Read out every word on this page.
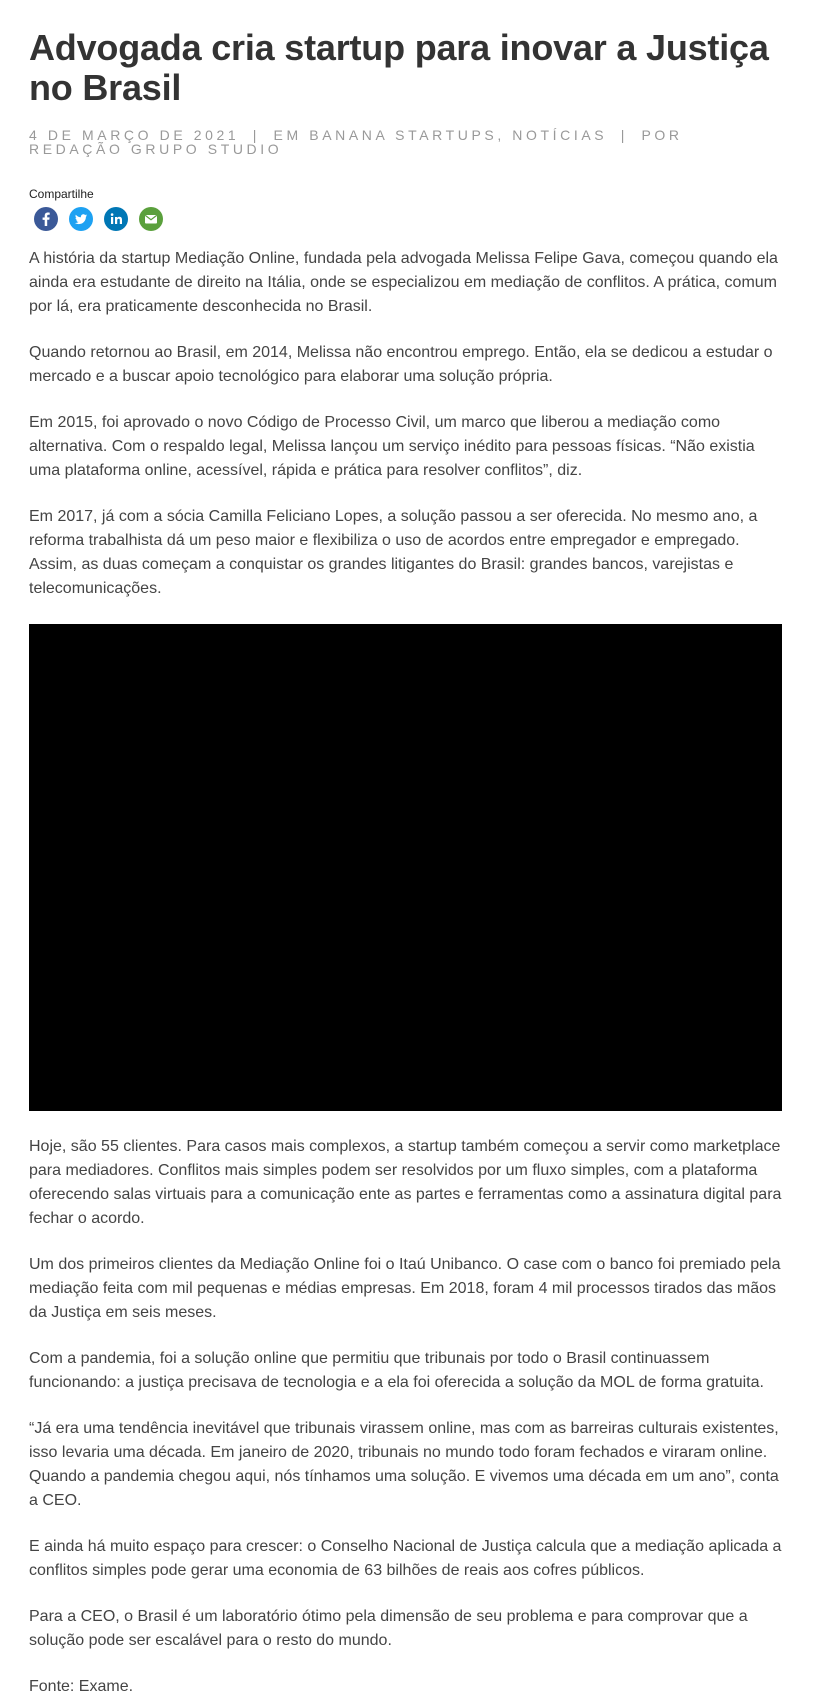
Advogada cria startup para inovar a Justiça no Brasil
4 DE MARÇO DE 2021 | EM BANANA STARTUPS, NOTÍCIAS | POR REDAÇÃO GRUPO STUDIO
Compartilhe

A história da startup Mediação Online, fundada pela advogada Melissa Felipe Gava, começou quando ela ainda era estudante de direito na Itália, onde se especializou em mediação de conflitos. A prática, comum por lá, era praticamente desconhecida no Brasil.

Quando retornou ao Brasil, em 2014, Melissa não encontrou emprego. Então, ela se dedicou a estudar o mercado e a buscar apoio tecnológico para elaborar uma solução própria.

Em 2015, foi aprovado o novo Código de Processo Civil, um marco que liberou a mediação como alternativa. Com o respaldo legal, Melissa lançou um serviço inédito para pessoas físicas. “Não existia uma plataforma online, acessível, rápida e prática para resolver conflitos”, diz.

Em 2017, já com a sócia Camilla Feliciano Lopes, a solução passou a ser oferecida. No mesmo ano, a reforma trabalhista dá um peso maior e flexibiliza o uso de acordos entre empregador e empregado. Assim, as duas começam a conquistar os grandes litigantes do Brasil: grandes bancos, varejistas e telecomunicações.

Hoje, são 55 clientes. Para casos mais complexos, a startup também começou a servir como marketplace para mediadores. Conflitos mais simples podem ser resolvidos por um fluxo simples, com a plataforma oferecendo salas virtuais para a comunicação ente as partes e ferramentas como a assinatura digital para fechar o acordo.

Um dos primeiros clientes da Mediação Online foi o Itaú Unibanco. O case com o banco foi premiado pela mediação feita com mil pequenas e médias empresas. Em 2018, foram 4 mil processos tirados das mãos da Justiça em seis meses.

Com a pandemia, foi a solução online que permitiu que tribunais por todo o Brasil continuassem funcionando: a justiça precisava de tecnologia e a ela foi oferecida a solução da MOL de forma gratuita.

“Já era uma tendência inevitável que tribunais virassem online, mas com as barreiras culturais existentes, isso levaria uma década. Em janeiro de 2020, tribunais no mundo todo foram fechados e viraram online. Quando a pandemia chegou aqui, nós tínhamos uma solução. E vivemos uma década em um ano”, conta a CEO.

E ainda há muito espaço para crescer: o Conselho Nacional de Justiça calcula que a mediação aplicada a conflitos simples pode gerar uma economia de 63 bilhões de reais aos cofres públicos.

Para a CEO, o Brasil é um laboratório ótimo pela dimensão de seu problema e para comprovar que a solução pode ser escalável para o resto do mundo.

Fonte: Exame.
